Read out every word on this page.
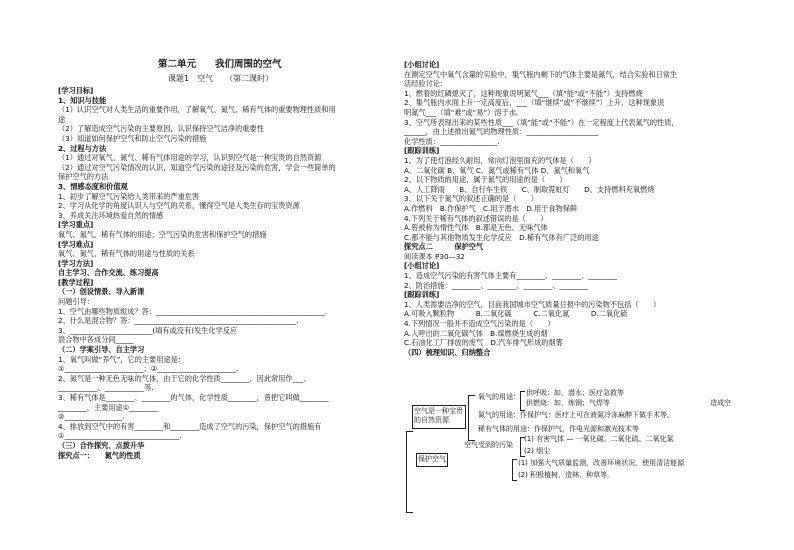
第二单元　　我们周围的空气
课题1　空气　　（第二课时）
[学习目标]
1、知识与技能
（1）认识空气对人类生活的重要作用，了解氧气、氮气、稀有气体的重要物理性质和用
途
（2）了解造成空气污染的主要原因，认识保持空气洁净的重要性
（3）知道如何保护空气和防止空气污染的措施
2、过程与方法
（1）通过对氧气、氮气、稀有气体用途的学习，认识到空气是一种宝贵的自然资源
（2）通过对空气污染情况的认识，知道空气污染的途径及污染的危害，学会一些简单的
保护空气的方法
3、情感态度和价值观
1、初步了解空气污染给人类带来的严重危害
2、学习从化学的角度认识人与空气的关系，懂得空气是人类生存的宝贵资源
3、养成关注环境热爱自然的情感
[学习重点]
氧气、氮气、稀有气体的用途；空气污染的危害和保护空气的措施
[学习难点]
氧气、氮气、稀有气体的用途与性质的关系
[学习方法]
自主学习、合作交流、练习提高
[教学过程]
（一）创设情景、导入新课
问题引导：
1、空气由哪些物质组成？答：_______________________________________________.
2、什么是混合物？答：_____________________________________________.
3、_______________________(填有或没有)发生化学反应
混合物中各成分间_____
（二）学案引导、自主学习
1、氧气叫做“养气”，它的主要用途是：
①______________________；②______________________.
2、氮气是一种无色无味的气体，由于它的化学性质________，因此常用作___、
___________、___________等.
3、稀有气体是________、________的气体，化学性质________，曾把它叫做________
________，主要用途①________
②________________.
4、排放到空气中的有害________和________造成了空气的污染，保护空气的措施有
①________________________________.
（三）合作探究、点拨升华
探究点一：　　氮气的性质
[小组讨论]
在测定空气中氧气含量的实验中，集气瓶内剩下的气体主要是氮气，结合实验和日常生
活经验讨论：
1、燃着的红磷熄灭了，这种现象说明氮气___（填“能”或“不能”）支持燃烧
2、集气瓶内水面上升一定高度后，___（填“继续”或“不继续”）上升，这种现象说
明氮气___（填“难”或“易”）溶于水。
3、空气所表现出来的某些性质___（填“能”或“不能”）在一定程度上代表氮气的性质，
______，由上述推出氮气的物理性质：____________________
化学性质：________________.
[跟踪训练]
1、为了使灯泡经久耐用，常向灯泡里面充的气体是（　　）
A、二氧化碳 B、氧气 C、氮气或稀有气体 D、氮气和氧气
2、以下物质的用途，属于氮气的用途的是（　　）
A、人工降雨　　B、自行车生铁　　C、制取霓虹灯　　D、支持燃料充氧燃烧
3、以下关于氮气的叙述正确的是（　　）
A.作燃料　B.作保护气　C.用于潜水　D.用于食物保鲜
4.下列关于稀有气体的叙述错误的是（　　）
A.曾被称为惰性气体　B.都是无色、无味气体
C.都不能与其他物质发生化学反应　D.稀有气体有广泛的用途
探究点二　　　保护空气
阅读课本 P30—32
[小组讨论]
1、造成空气污染的有害气体主要有________、________、________
2、防治措施：________、________、________、________
[跟踪训练]
1、人类需要洁净的空气，目前我国城市空气质量日报中的污染物不包括（　　）
A.可吸入颗粒物　　　B.二氧化碳　　　C.二氧化氮　　　D.二氧化硫
4.下列情况一般并不造成空气污染的是（　　）
A.人呼出的二氧化碳气体　B.煤燃烧生成的烟
C.石油化工厂排放的废气　D.汽车排气形成的烟雾
（四）梳理知识、归纳整合
空气是一种宝贵的自然资源
氧气的用途： 供呼吸：如，潜水；医疗急救等
供燃烧：如，炼钢；气焊等
氮气的用途：作保护气：医疗上可在液氮冷冻麻醉下做手术等。
稀有气体的用途：作保护气，作电光源和激光技术等
造成空
空气受到的污染
(1) 有害气体 — 一氧化碳、二氧化硫、二氧化氮
(2) 烟尘
保护空气	(1) 加强大气质量监测，改善环境状况，使用清洁能源
(2) 积极植树、造林、种草等。
